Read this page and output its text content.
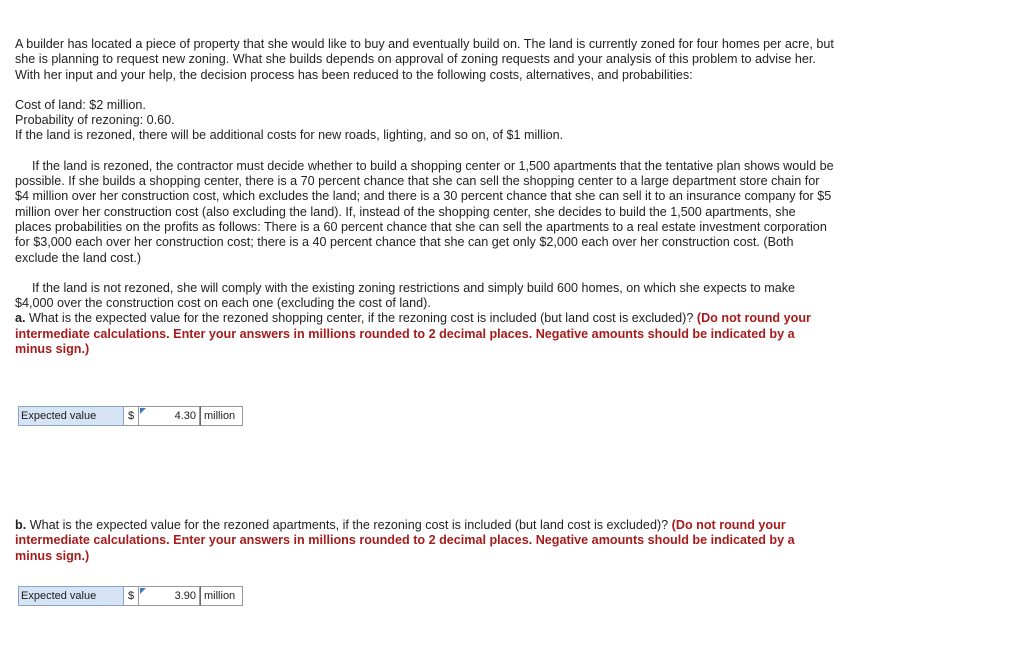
A builder has located a piece of property that she would like to buy and eventually build on. The land is currently zoned for four homes per acre, but she is planning to request new zoning. What she builds depends on approval of zoning requests and your analysis of this problem to advise her. With her input and your help, the decision process has been reduced to the following costs, alternatives, and probabilities:

Cost of land: $2 million.
Probability of rezoning: 0.60.
If the land is rezoned, there will be additional costs for new roads, lighting, and so on, of $1 million.

If the land is rezoned, the contractor must decide whether to build a shopping center or 1,500 apartments that the tentative plan shows would be possible. If she builds a shopping center, there is a 70 percent chance that she can sell the shopping center to a large department store chain for $4 million over her construction cost, which excludes the land; and there is a 30 percent chance that she can sell it to an insurance company for $5 million over her construction cost (also excluding the land). If, instead of the shopping center, she decides to build the 1,500 apartments, she places probabilities on the profits as follows: There is a 60 percent chance that she can sell the apartments to a real estate investment corporation for $3,000 each over her construction cost; there is a 40 percent chance that she can get only $2,000 each over her construction cost. (Both exclude the land cost.)

If the land is not rezoned, she will comply with the existing zoning restrictions and simply build 600 homes, on which she expects to make $4,000 over the construction cost on each one (excluding the cost of land).

a. What is the expected value for the rezoned shopping center, if the rezoning cost is included (but land cost is excluded)? (Do not round your intermediate calculations. Enter your answers in millions rounded to 2 decimal places. Negative amounts should be indicated by a minus sign.)

Expected value	$	4.30 million

b. What is the expected value for the rezoned apartments, if the rezoning cost is included (but land cost is excluded)? (Do not round your intermediate calculations. Enter your answers in millions rounded to 2 decimal places. Negative amounts should be indicated by a minus sign.)

Expected value	$	3.90 million
